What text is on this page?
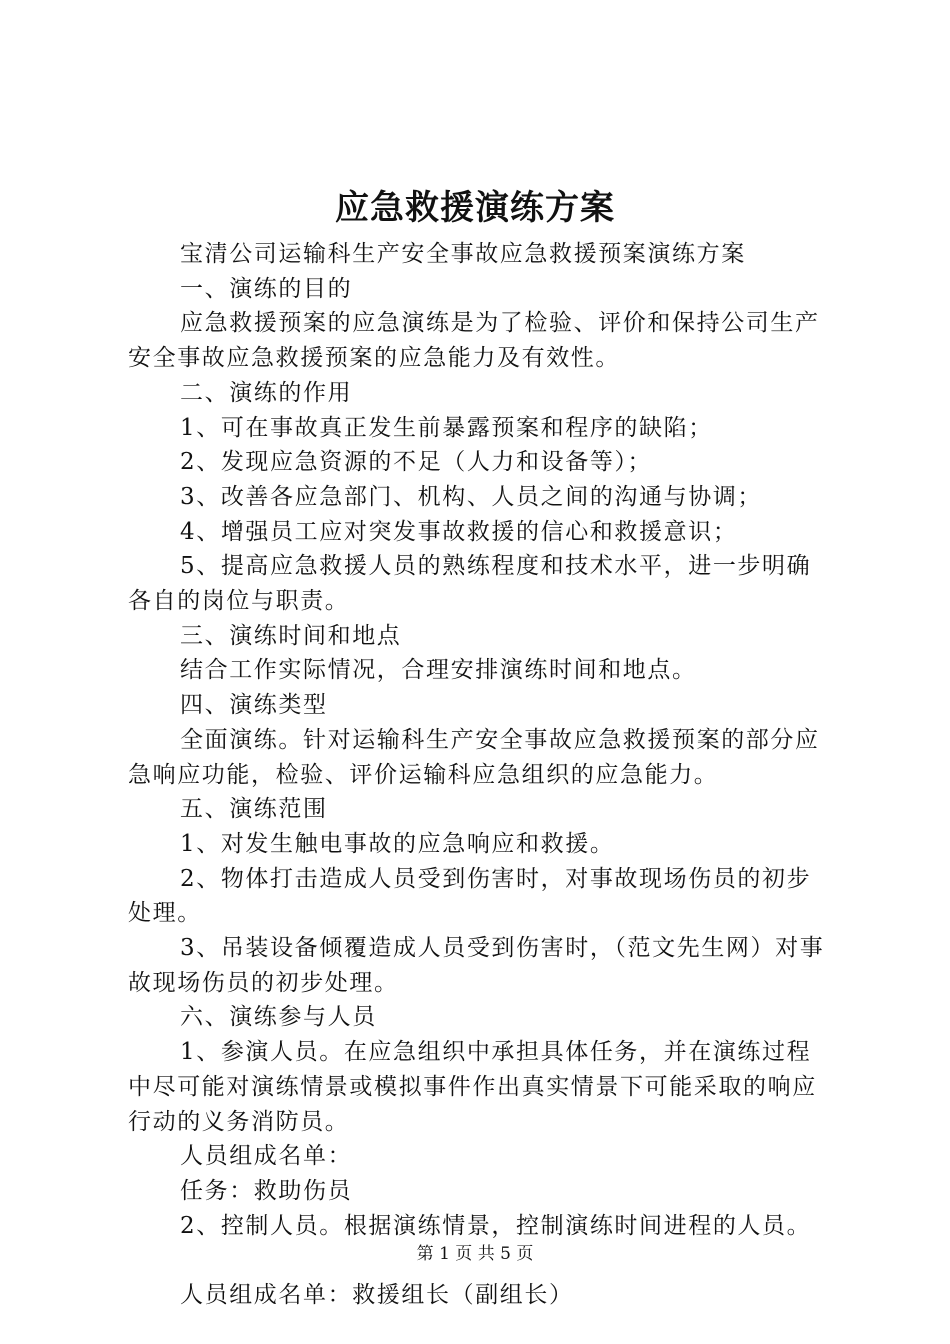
应急救援演练方案

宝清公司运输科生产安全事故应急救援预案演练方案

一、演练的目的

应急救援预案的应急演练是为了检验、评价和保持公司生产安全事故应急救援预案的应急能力及有效性。

二、演练的作用

1、可在事故真正发生前暴露预案和程序的缺陷；

2、发现应急资源的不足（人力和设备等）；

3、改善各应急部门、机构、人员之间的沟通与协调；

4、增强员工应对突发事故救援的信心和救援意识；

5、提高应急救援人员的熟练程度和技术水平，进一步明确各自的岗位与职责。

三、演练时间和地点

结合工作实际情况，合理安排演练时间和地点。

四、演练类型

全面演练。针对运输科生产安全事故应急救援预案的部分应急响应功能，检验、评价运输科应急组织的应急能力。

五、演练范围

1、对发生触电事故的应急响应和救援。

2、物体打击造成人员受到伤害时，对事故现场伤员的初步处理。

3、吊装设备倾覆造成人员受到伤害时，（范文先生网）对事故现场伤员的初步处理。

六、演练参与人员

1、参演人员。在应急组织中承担具体任务，并在演练过程中尽可能对演练情景或模拟事件作出真实情景下可能采取的响应行动的义务消防员。

人员组成名单：

任务：救助伤员

2、控制人员。根据演练情景，控制演练时间进程的人员。

人员组成名单：救援组长（副组长）

第 1 页 共 5 页
